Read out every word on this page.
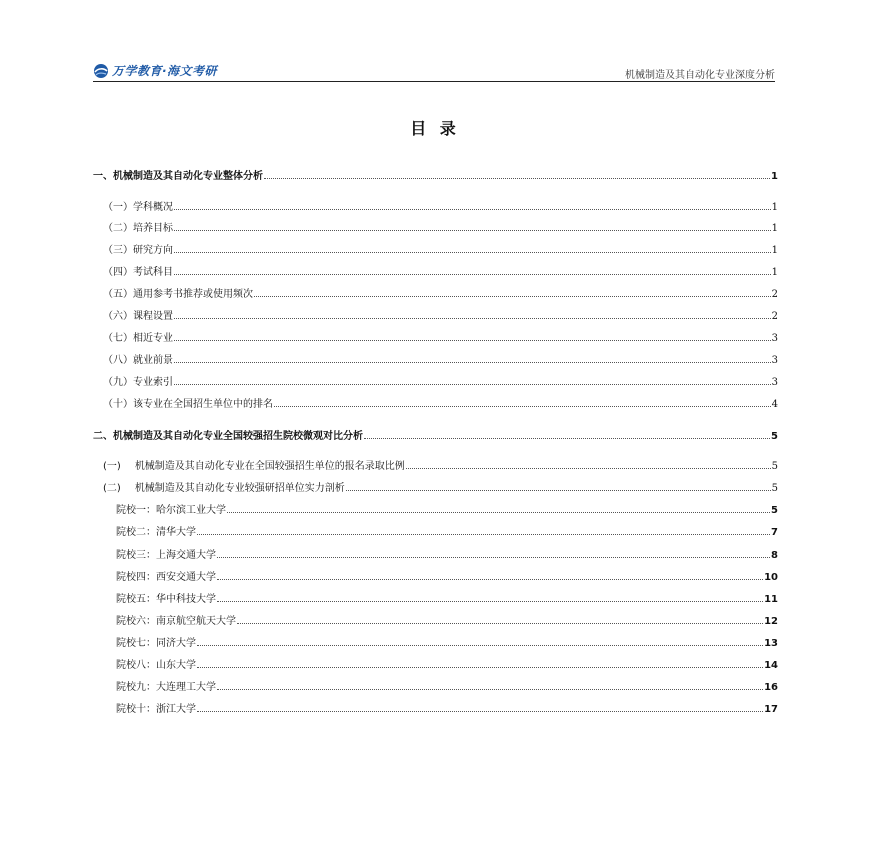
万学教育·海文考研	机械制造及其自动化专业深度分析
目 录
一、机械制造及其自动化专业整体分析	1
（一）学科概况	1
（二）培养目标	1
（三）研究方向	1
（四）考试科目	1
（五）通用参考书推荐或使用频次	2
（六）课程设置	2
（七）相近专业	3
（八）就业前景	3
（九）专业索引	3
（十）该专业在全国招生单位中的排名	4
二、机械制造及其自动化专业全国较强招生院校微观对比分析	5
(一) 机械制造及其自动化专业在全国较强招生单位的报名录取比例	5
(二) 机械制造及其自动化专业较强研招单位实力剖析	5
院校一：哈尔滨工业大学	5
院校二：清华大学	7
院校三：上海交通大学	8
院校四：西安交通大学	10
院校五：华中科技大学	11
院校六：南京航空航天大学	12
院校七：同济大学	13
院校八：山东大学	14
院校九：大连理工大学	16
院校十：浙江大学	17
